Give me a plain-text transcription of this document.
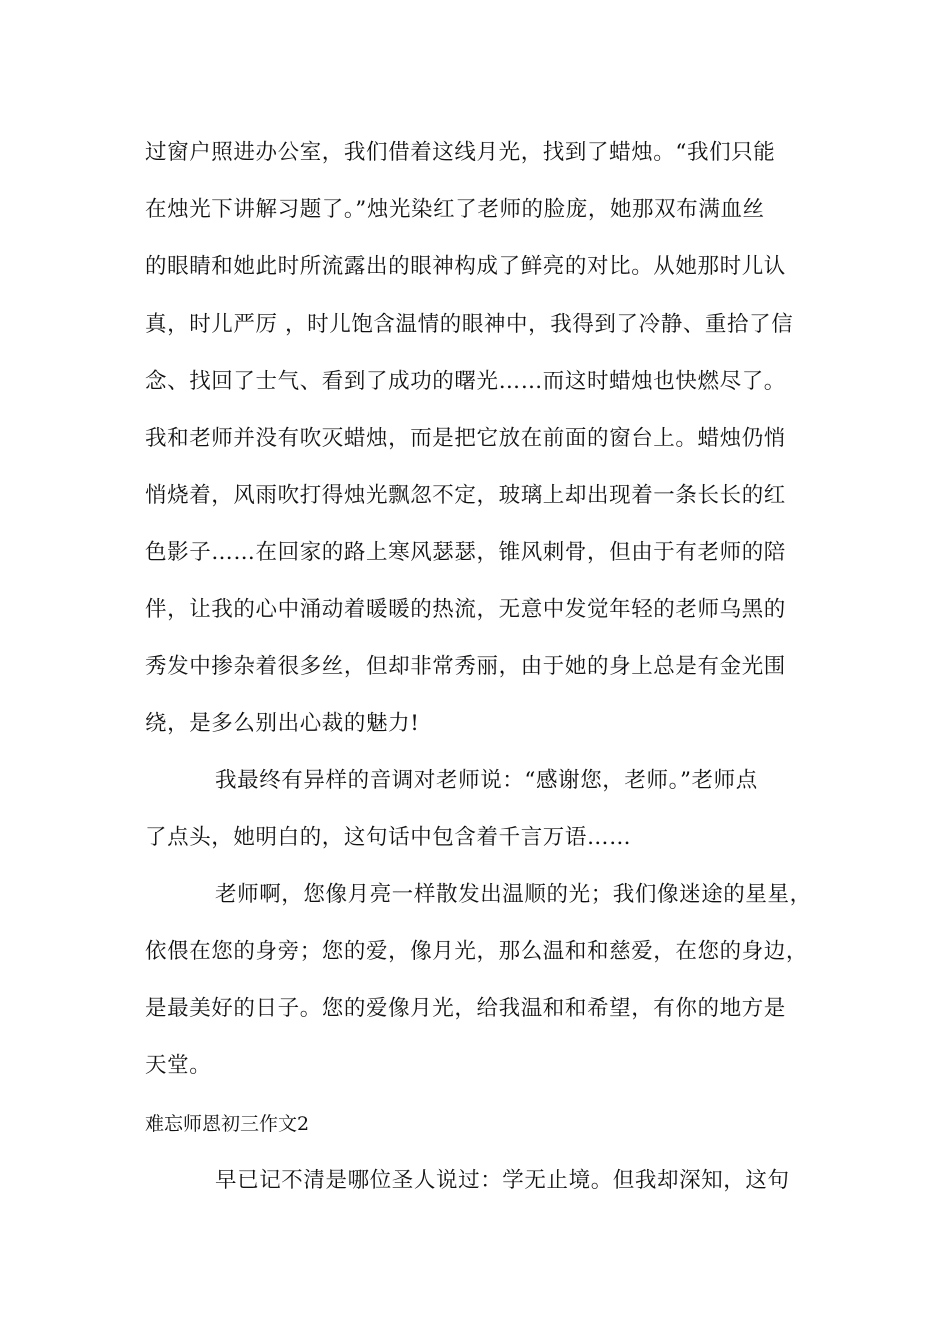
过窗户照进办公室，我们借着这线月光，找到了蜡烛。“我们只能
在烛光下讲解习题了。”烛光染红了老师的脸庞，她那双布满血丝
的眼睛和她此时所流露出的眼神构成了鲜亮的对比。从她那时儿认
真，时儿严厉 ，时儿饱含温情的眼神中，我得到了冷静、重拾了信
念、找回了士气、看到了成功的曙光……而这时蜡烛也快燃尽了。
我和老师并没有吹灭蜡烛，而是把它放在前面的窗台上。蜡烛仍悄
悄烧着，风雨吹打得烛光飘忽不定，玻璃上却出现着一条长长的红
色影子……在回家的路上寒风瑟瑟，锥风刺骨，但由于有老师的陪
伴，让我的心中涌动着暖暖的热流，无意中发觉年轻的老师乌黑的
秀发中掺杂着很多丝，但却非常秀丽，由于她的身上总是有金光围
绕，是多么别出心裁的魅力!
我最终有异样的音调对老师说：“感谢您，老师。”老师点
了点头，她明白的，这句话中包含着千言万语……
老师啊，您像月亮一样散发出温顺的光；我们像迷途的星星，
依偎在您的身旁；您的爱，像月光，那么温和和慈爱，在您的身边，
是最美好的日子。您的爱像月光，给我温和和希望，有你的地方是
天堂。
难忘师恩初三作文2
早已记不清是哪位圣人说过：学无止境。但我却深知，这句
